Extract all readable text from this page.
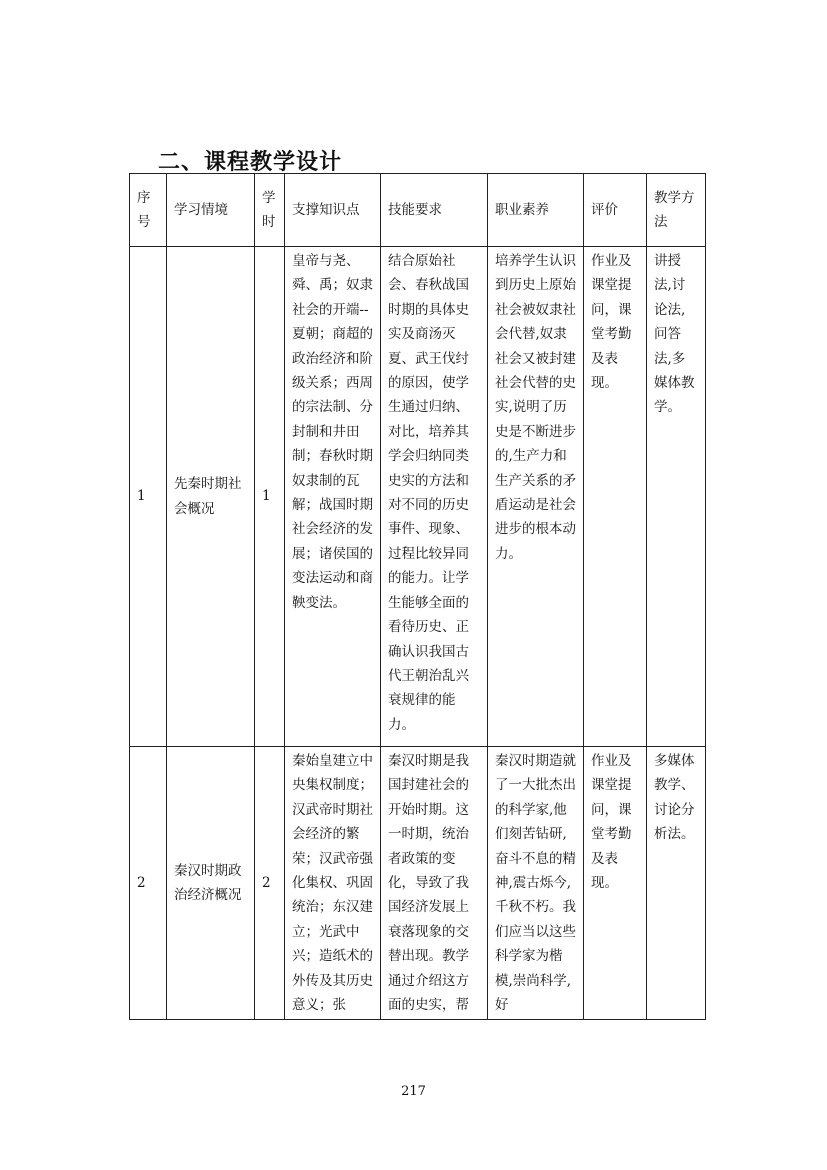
二、课程教学设计
序号	学习情境	学时	支撑知识点	技能要求	职业素养	评价	教学方法
1	先秦时期社会概况	1	皇帝与尧、舜、禹；奴隶社会的开端--夏朝；商超的政治经济和阶级关系；西周的宗法制、分封制和井田制；春秋时期奴隶制的瓦解；战国时期社会经济的发展；诸侯国的变法运动和商鞅变法。	结合原始社会、春秋战国时期的具体史实及商汤灭夏、武王伐纣的原因，使学生通过归纳、对比，培养其学会归纳同类史实的方法和对不同的历史事件、现象、过程比较异同的能力。让学生能够全面的看待历史、正确认识我国古代王朝治乱兴衰规律的能力。	培养学生认识到历史上原始社会被奴隶社会代替,奴隶社会又被封建社会代替的史实,说明了历史是不断进步的,生产力和生产关系的矛盾运动是社会进步的根本动力。	作业及课堂提问，课堂考勤及表现。	讲授法,讨论法,问答法,多媒体教学。
2	秦汉时期政治经济概况	2	秦始皇建立中央集权制度；汉武帝时期社会经济的繁荣；汉武帝强化集权、巩固统治；东汉建立；光武中兴；造纸术的外传及其历史意义；张	秦汉时期是我国封建社会的开始时期。这一时期，统治者政策的变化，导致了我国经济发展上衰落现象的交替出现。教学通过介绍这方面的史实，帮	秦汉时期造就了一大批杰出的科学家,他们刻苦钻研,奋斗不息的精神,震古烁今,千秋不朽。我们应当以这些科学家为楷模,崇尚科学,好	作业及课堂提问，课堂考勤及表现。	多媒体教学、讨论分析法。
217
